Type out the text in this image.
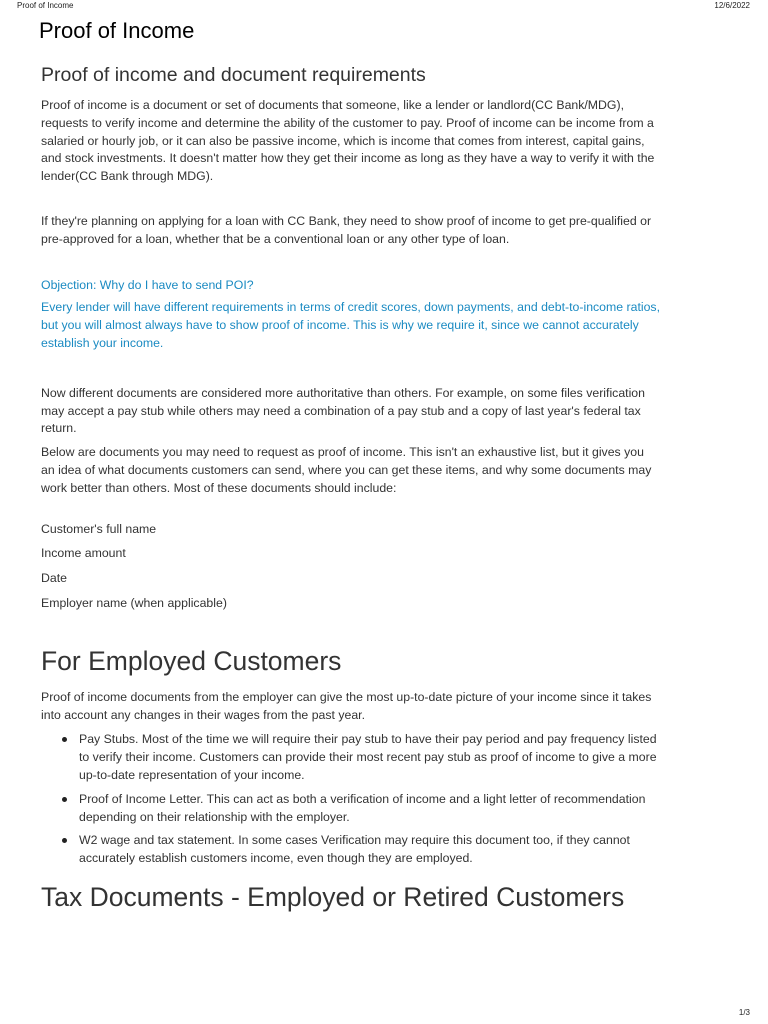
Proof of Income	12/6/2022
Proof of Income
Proof of income and document requirements

Proof of income is a document or set of documents that someone, like a lender or landlord(CC Bank/MDG), requests to verify income and determine the ability of the customer to pay. Proof of income can be income from a salaried or hourly job, or it can also be passive income, which is income that comes from interest, capital gains, and stock investments. It doesn't matter how they get their income as long as they have a way to verify it with the lender(CC Bank through MDG).

If they're planning on applying for a loan with CC Bank, they need to show proof of income to get pre-qualified or pre-approved for a loan, whether that be a conventional loan or any other type of loan.

Objection: Why do I have to send POI?

Every lender will have different requirements in terms of credit scores, down payments, and debt-to-income ratios, but you will almost always have to show proof of income. This is why we require it, since we cannot accurately establish your income.

Now different documents are considered more authoritative than others. For example, on some files verification may accept a pay stub while others may need a combination of a pay stub and a copy of last year's federal tax return.

Below are documents you may need to request as proof of income. This isn't an exhaustive list, but it gives you an idea of what documents customers can send, where you can get these items, and why some documents may work better than others. Most of these documents should include:

Customer's full name

Income amount

Date

Employer name (when applicable)

For Employed Customers

Proof of income documents from the employer can give the most up-to-date picture of your income since it takes into account any changes in their wages from the past year.

Pay Stubs. Most of the time we will require their pay stub to have their pay period and pay frequency listed to verify their income. Customers can provide their most recent pay stub as proof of income to give a more up-to-date representation of your income.
Proof of Income Letter. This can act as both a verification of income and a light letter of recommendation depending on their relationship with the employer.
W2 wage and tax statement. In some cases Verification may require this document too, if they cannot accurately establish customers income, even though they are employed.
Tax Documents - Employed or Retired Customers
1/3
